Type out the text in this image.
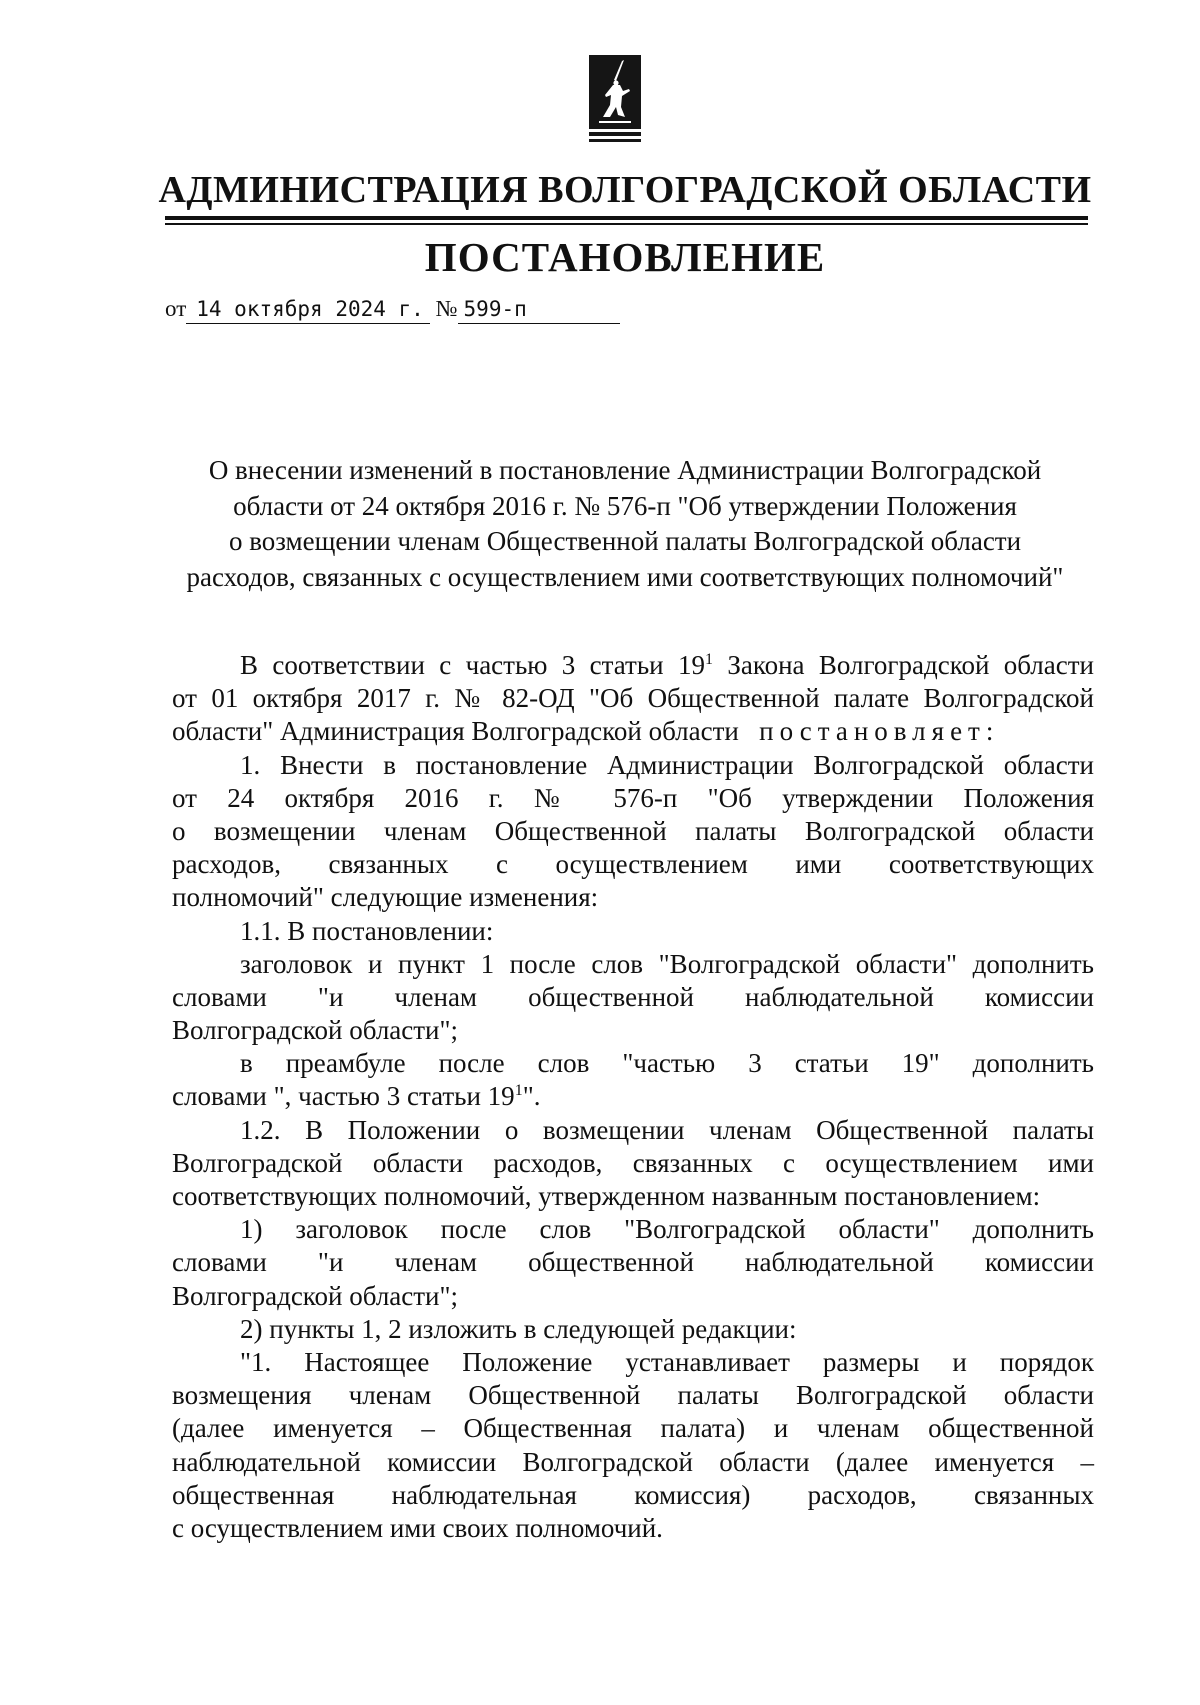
АДМИНИСТРАЦИЯ ВОЛГОГРАДСКОЙ ОБЛАСТИ
ПОСТАНОВЛЕНИЕ
от 14 октября 2024 г. № 599-п
О внесении изменений в постановление Администрации Волгоградской
области от 24 октября 2016 г. № 576-п "Об утверждении Положения
о возмещении членам Общественной палаты Волгоградской области
расходов, связанных с осуществлением ими соответствующих полномочий"
В соответствии с частью 3 статьи $19^1$ Закона Волгоградской области
от 01 октября 2017 г. № 82-ОД "Об Общественной палате Волгоградской
области" Администрация Волгоградской области постановляет:
1. Внести в постановление Администрации Волгоградской области
от 24 октября 2016 г. № 576-п "Об утверждении Положения
о возмещении членам Общественной палаты Волгоградской области
расходов, связанных с осуществлением ими соответствующих
полномочий" следующие изменения:
1.1. В постановлении:
заголовок и пункт 1 после слов "Волгоградской области" дополнить
словами "и членам общественной наблюдательной комиссии
Волгоградской области";
в преамбуле после слов "частью 3 статьи 19" дополнить
словами ", частью 3 статьи $19^1$".
1.2. В Положении о возмещении членам Общественной палаты
Волгоградской области расходов, связанных с осуществлением ими
соответствующих полномочий, утвержденном названным постановлением:
1) заголовок после слов "Волгоградской области" дополнить
словами "и членам общественной наблюдательной комиссии
Волгоградской области";
2) пункты 1, 2 изложить в следующей редакции:
"1. Настоящее Положение устанавливает размеры и порядок
возмещения членам Общественной палаты Волгоградской области
(далее именуется – Общественная палата) и членам общественной
наблюдательной комиссии Волгоградской области (далее именуется –
общественная наблюдательная комиссия) расходов, связанных
с осуществлением ими своих полномочий.
